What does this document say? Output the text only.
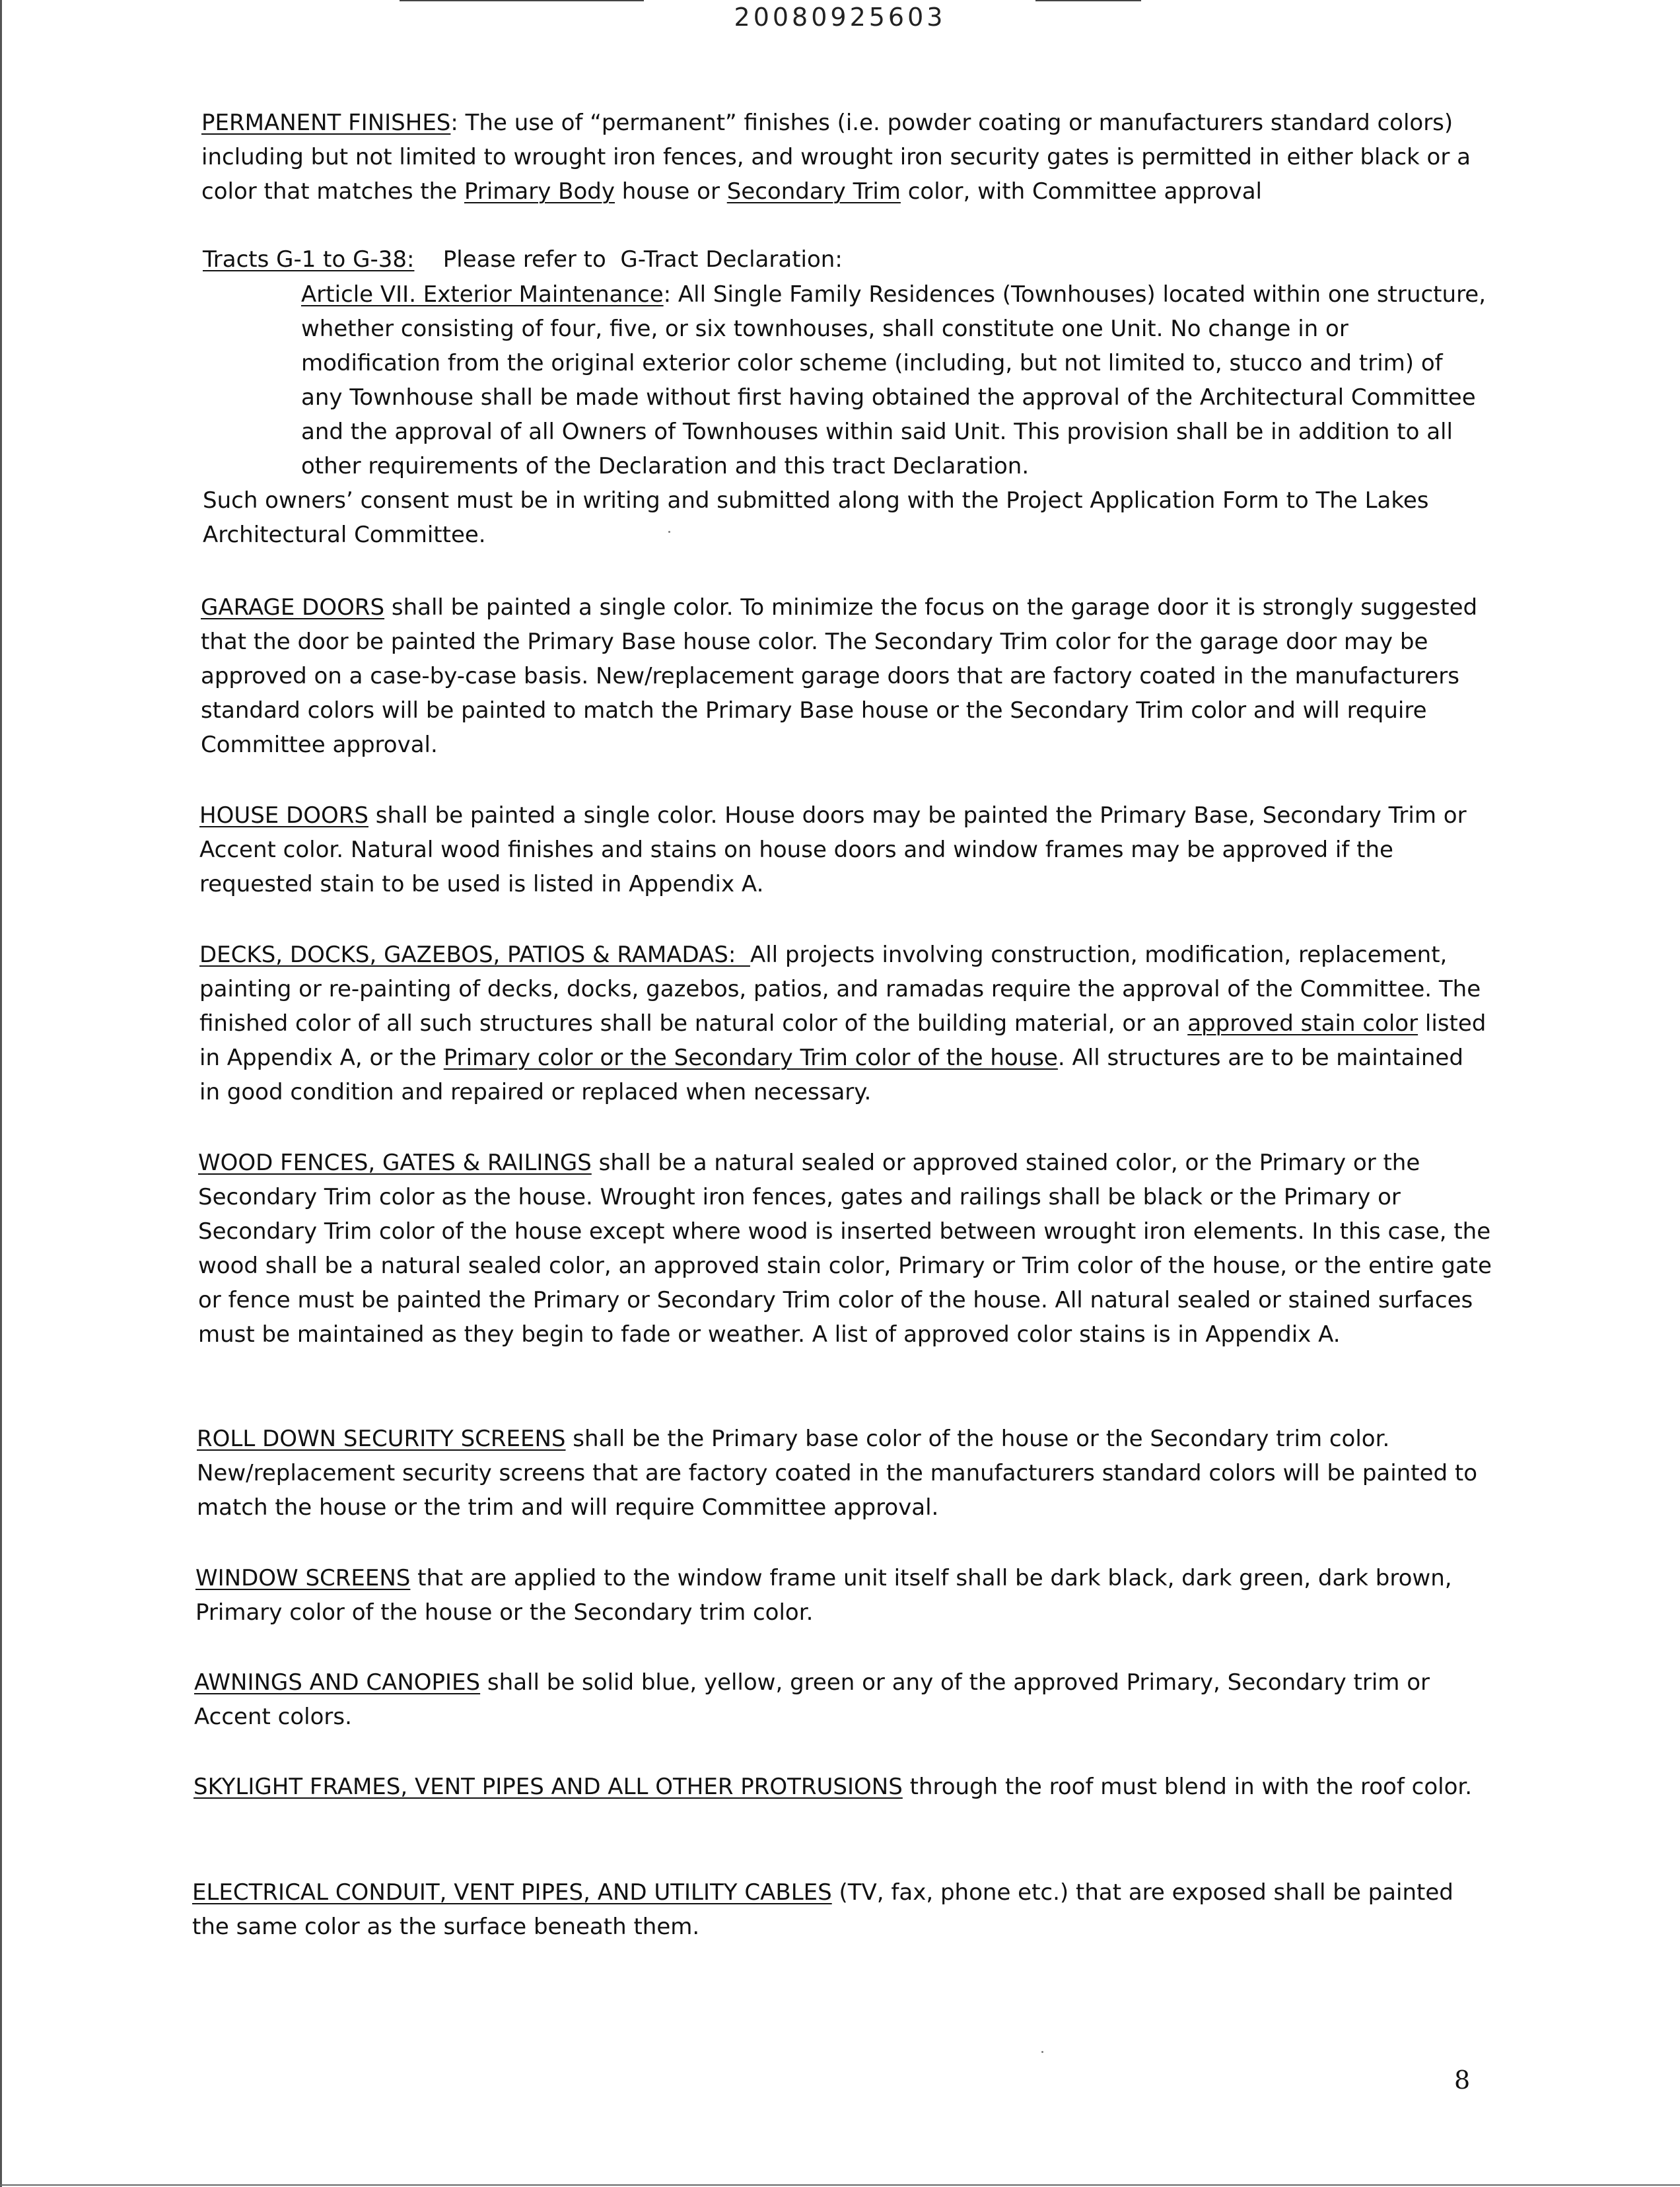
20080925603

PERMANENT FINISHES: The use of “permanent” finishes (i.e. powder coating or manufacturers standard colors) including but not limited to wrought iron fences, and wrought iron security gates is permitted in either black or a color that matches the Primary Body house or Secondary Trim color, with Committee approval

Tracts G-1 to G-38:    Please refer to  G-Tract Declaration:

Article VII. Exterior Maintenance: All Single Family Residences (Townhouses) located within one structure, whether consisting of four, five, or six townhouses, shall constitute one Unit. No change in or modification from the original exterior color scheme (including, but not limited to, stucco and trim) of any Townhouse shall be made without first having obtained the approval of the Architectural Committee and the approval of all Owners of Townhouses within said Unit. This provision shall be in addition to all other requirements of the Declaration and this tract Declaration.

Such owners’ consent must be in writing and submitted along with the Project Application Form to The Lakes Architectural Committee.

GARAGE DOORS shall be painted a single color. To minimize the focus on the garage door it is strongly suggested that the door be painted the Primary Base house color. The Secondary Trim color for the garage door may be approved on a case-by-case basis. New/replacement garage doors that are factory coated in the manufacturers standard colors will be painted to match the Primary Base house or the Secondary Trim color and will require Committee approval.

HOUSE DOORS shall be painted a single color. House doors may be painted the Primary Base, Secondary Trim or Accent color. Natural wood finishes and stains on house doors and window frames may be approved if the requested stain to be used is listed in Appendix A.

DECKS, DOCKS, GAZEBOS, PATIOS & RAMADAS:  All projects involving construction, modification, replacement, painting or re-painting of decks, docks, gazebos, patios, and ramadas require the approval of the Committee. The finished color of all such structures shall be natural color of the building material, or an approved stain color listed in Appendix A, or the Primary color or the Secondary Trim color of the house. All structures are to be maintained in good condition and repaired or replaced when necessary.

WOOD FENCES, GATES & RAILINGS shall be a natural sealed or approved stained color, or the Primary or the Secondary Trim color as the house. Wrought iron fences, gates and railings shall be black or the Primary or Secondary Trim color of the house except where wood is inserted between wrought iron elements. In this case, the wood shall be a natural sealed color, an approved stain color, Primary or Trim color of the house, or the entire gate or fence must be painted the Primary or Secondary Trim color of the house. All natural sealed or stained surfaces must be maintained as they begin to fade or weather. A list of approved color stains is in Appendix A.

ROLL DOWN SECURITY SCREENS shall be the Primary base color of the house or the Secondary trim color. New/replacement security screens that are factory coated in the manufacturers standard colors will be painted to match the house or the trim and will require Committee approval.

WINDOW SCREENS that are applied to the window frame unit itself shall be dark black, dark green, dark brown, Primary color of the house or the Secondary trim color.

AWNINGS AND CANOPIES shall be solid blue, yellow, green or any of the approved Primary, Secondary trim or Accent colors.

SKYLIGHT FRAMES, VENT PIPES AND ALL OTHER PROTRUSIONS through the roof must blend in with the roof color.

ELECTRICAL CONDUIT, VENT PIPES, AND UTILITY CABLES (TV, fax, phone etc.) that are exposed shall be painted the same color as the surface beneath them.

8
